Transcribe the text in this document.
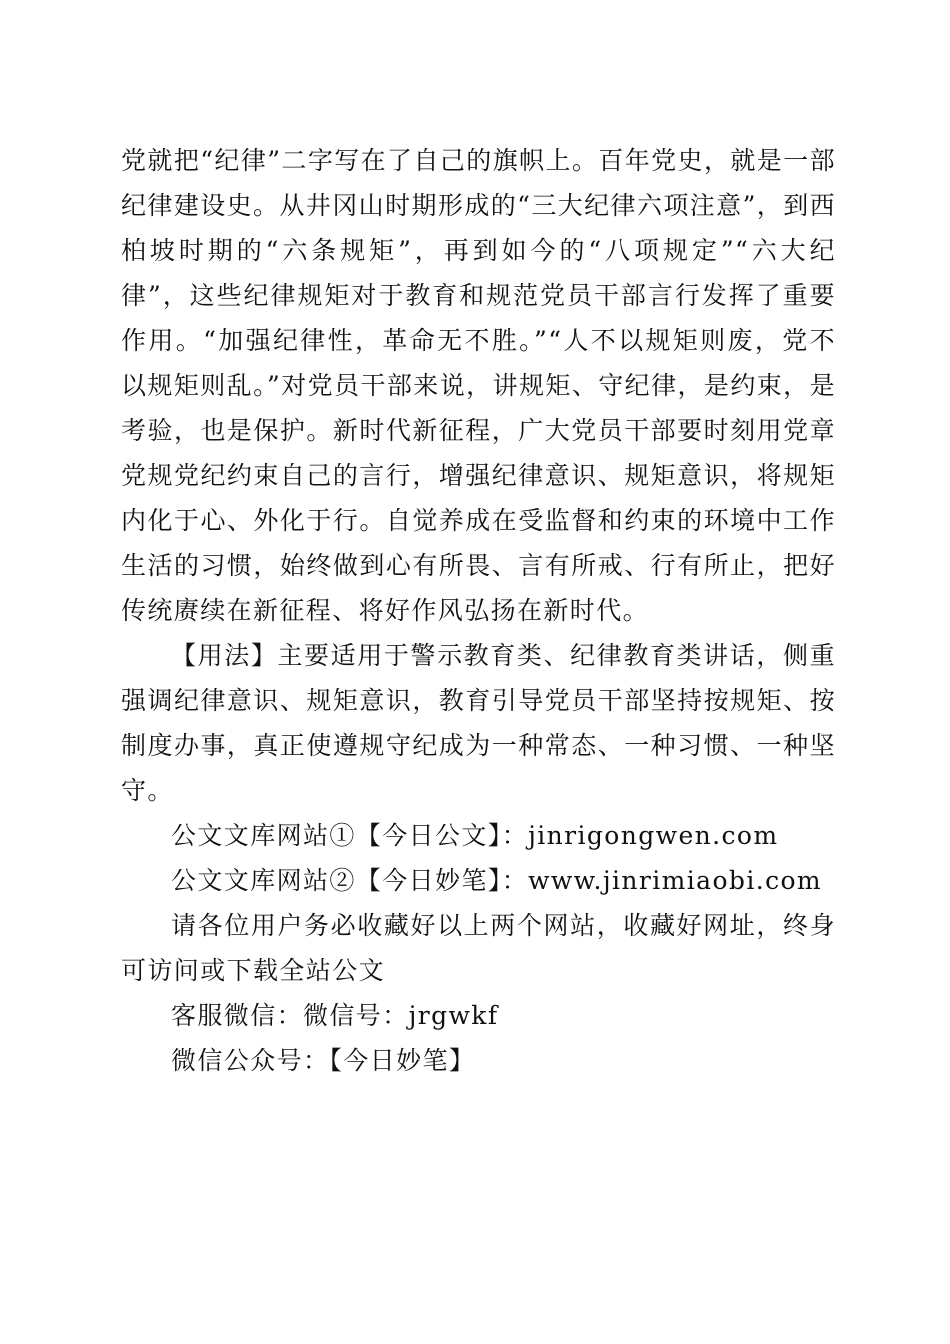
党就把“纪律”二字写在了自己的旗帜上。百年党史，就是一部纪律建设史。从井冈山时期形成的“三大纪律六项注意”，到西柏坡时期的“六条规矩”，再到如今的“八项规定”“六大纪律”，这些纪律规矩对于教育和规范党员干部言行发挥了重要作用。“加强纪律性，革命无不胜。”“人不以规矩则废，党不以规矩则乱。”对党员干部来说，讲规矩、守纪律，是约束，是考验，也是保护。新时代新征程，广大党员干部要时刻用党章党规党纪约束自己的言行，增强纪律意识、规矩意识，将规矩内化于心、外化于行。自觉养成在受监督和约束的环境中工作生活的习惯，始终做到心有所畏、言有所戒、行有所止，把好传统赓续在新征程、将好作风弘扬在新时代。

【用法】主要适用于警示教育类、纪律教育类讲话，侧重强调纪律意识、规矩意识，教育引导党员干部坚持按规矩、按制度办事，真正使遵规守纪成为一种常态、一种习惯、一种坚守。

公文文库网站①【今日公文】：jinrigongwen.com

公文文库网站②【今日妙笔】：www.jinrimiaobi.com

请各位用户务必收藏好以上两个网站，收藏好网址，终身可访问或下载全站公文

客服微信：微信号：jrgwkf

微信公众号：【今日妙笔】
